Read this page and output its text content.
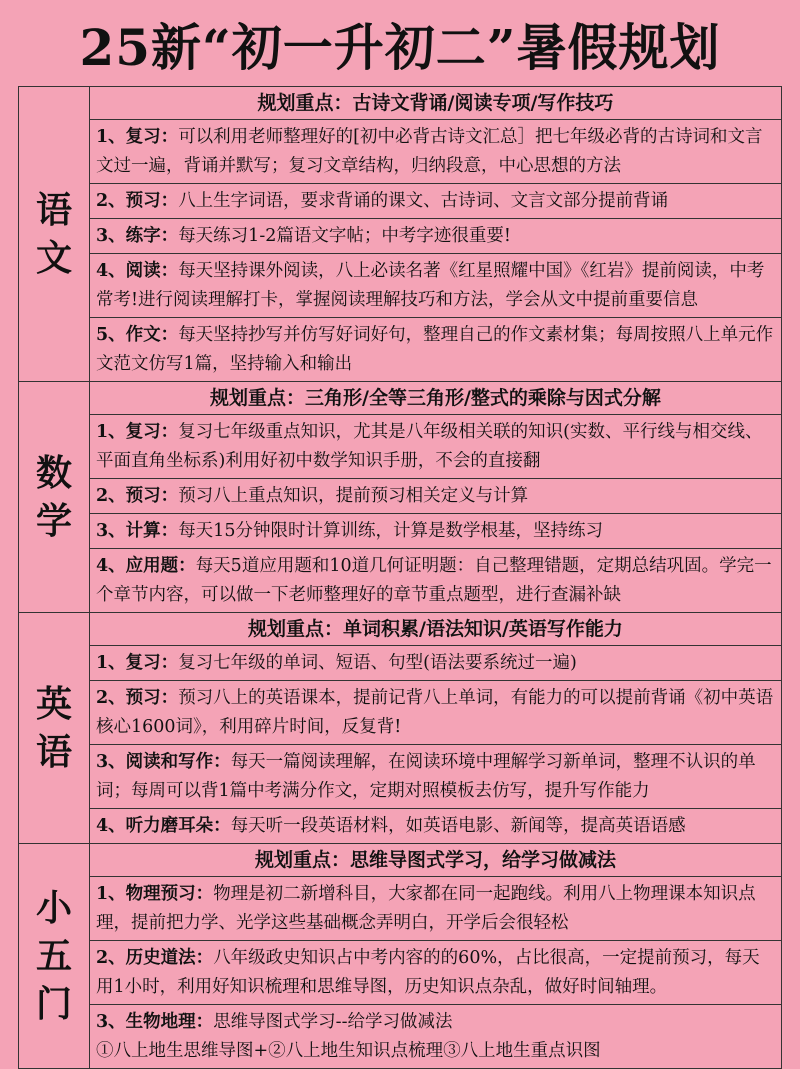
25新“初一升初二”暑假规划
语
文
规划重点：古诗文背诵/阅读专项/写作技巧
1、复习：可以利用老师整理好的[初中必背古诗文汇总］把七年级必背的古诗词和文言文过一遍，背诵并默写；复习文章结构，归纳段意，中心思想的方法
2、预习：八上生字词语，要求背诵的课文、古诗词、文言文部分提前背诵
3、练字：每天练习1-2篇语文字帖；中考字迹很重要!
4、阅读：每天坚持课外阅读，八上必读名著《红星照耀中国》《红岩》提前阅读，中考常考!进行阅读理解打卡，掌握阅读理解技巧和方法，学会从文中提前重要信息
5、作文：每天坚持抄写并仿写好词好句，整理自己的作文素材集；每周按照八上单元作文范文仿写1篇，坚持输入和输出
数
学
规划重点：三角形/全等三角形/整式的乘除与因式分解
1、复习：复习七年级重点知识，尤其是八年级相关联的知识(实数、平行线与相交线、平面直角坐标系)利用好初中数学知识手册，不会的直接翻
2、预习：预习八上重点知识，提前预习相关定义与计算
3、计算：每天15分钟限时计算训练，计算是数学根基，坚持练习
4、应用题：每天5道应用题和10道几何证明题：自己整理错题，定期总结巩固。学完一个章节内容，可以做一下老师整理好的章节重点题型，进行查漏补缺
英
语
规划重点：单词积累/语法知识/英语写作能力
1、复习：复习七年级的单词、短语、句型(语法要系统过一遍)
2、预习：预习八上的英语课本，提前记背八上单词，有能力的可以提前背诵《初中英语核心1600词》，利用碎片时间，反复背!
3、阅读和写作：每天一篇阅读理解，在阅读环境中理解学习新单词，整理不认识的单词；每周可以背1篇中考满分作文，定期对照模板去仿写，提升写作能力
4、听力磨耳朵：每天听一段英语材料，如英语电影、新闻等，提高英语语感
小
五
门
规划重点：思维导图式学习，给学习做减法
1、物理预习：物理是初二新增科目，大家都在同一起跑线。利用八上物理课本知识点理，提前把力学、光学这些基础概念弄明白，开学后会很轻松
2、历史道法：八年级政史知识占中考内容的的60%，占比很高，一定提前预习，每天用1小时，利用好知识梳理和思维导图，历史知识点杂乱，做好时间轴理。
3、生物地理：思维导图式学习--给学习做减法
①八上地生思维导图+②八上地生知识点梳理③八上地生重点识图
